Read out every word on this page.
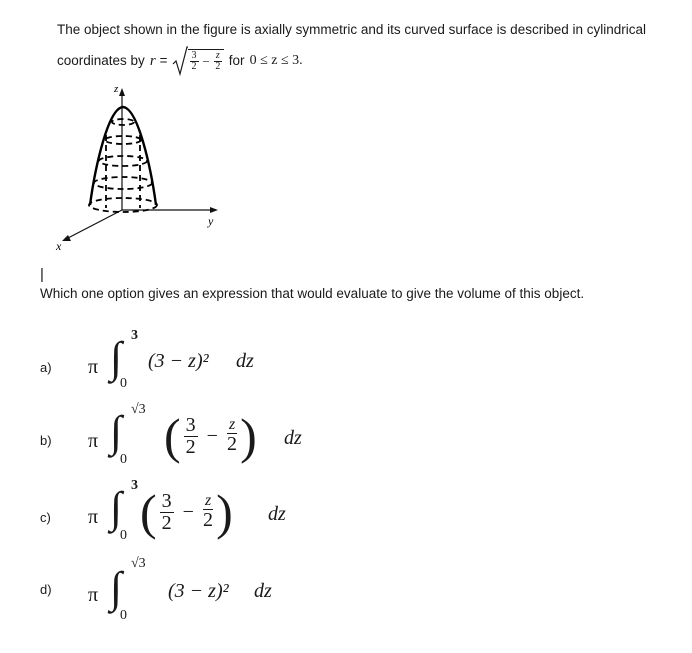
The object shown in the figure is axially symmetric and its curved surface is described in cylindrical
coordinates by $r = \frac{3}{2} - \frac{z}{2}$ for 0 ≤ z ≤ 3.
z
y
x
|
Which one option gives an expression that would evaluate to give the volume of this object.
a) π ∫ 3
0
(3 − z)² dz
b) π ∫ √3
0 ( $\frac{3}{2} - \frac{z}{2}$ ) dz
c) π ∫ 3
0 ( $\frac{3}{2} - \frac{z}{2}$ ) dz
d) π ∫ √3
0
(3 − z)² dz
